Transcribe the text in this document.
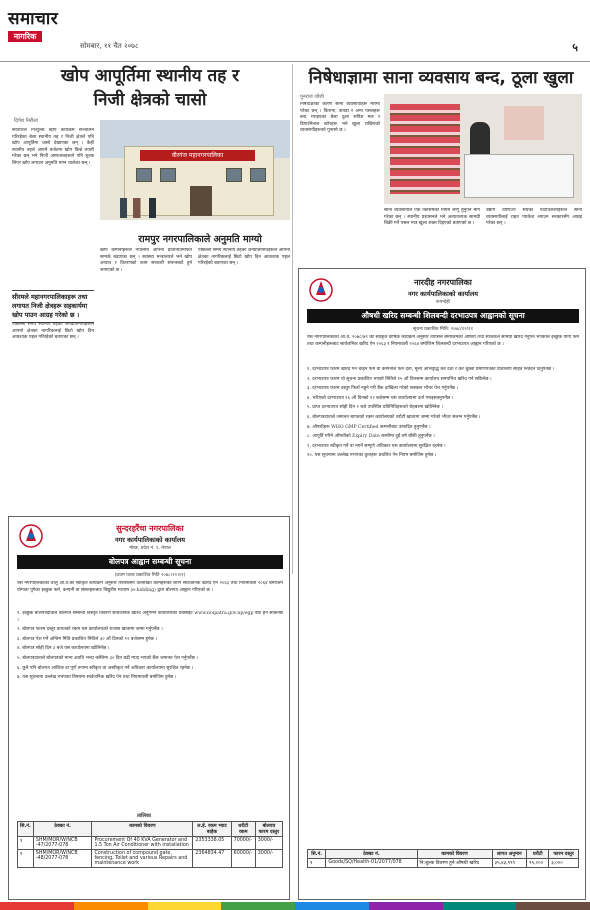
समाचार
नागरिक
सोमबार, ११ चैत २०७८	५
खोप आपूर्तिमा स्थानीय तह र
निजी क्षेत्रको चासो
दिपेश निरौला
वीरगंज महानगरपालिका
सरकारले निःशुल्क खोप कार्यक्रम सञ्चालन गरिरहेका बेला स्थानीय तह र निजी क्षेत्रले पनि खोप आपूर्तिमा चासो देखाएका छन् । केही स्थानीय तहले आफ्नै बजेटमा खोप किन्ने तयारी गरेका छन् भने निजी अस्पतालहरूले पनि शुल्क लिएर खोप लगाउन अनुमति माग्न थालेका छन् ।
सीरमले महानगरपालिकाहरू तथा लगायत निजी क्षेत्रहरू सहकार्यमा खोप पाउन आग्रह गरेको छ ।
पछिल्लो समय स्थानीय तहका जनप्रतिनिधिहरूले आफ्नो क्षेत्रका नागरिकलाई छिटो खोप दिन आवश्यक पहल गरिरहेको बताएका छन् ।
रामपुर नगरपालिकाले अनुमति माग्यो
खोप कम्पनीहरूले नेपालमा आफ्ना प्रतिनिधिमार्फत सम्पर्क बढाएका छन् । स्वास्थ्य मन्त्रालयले भने खोप आयात र वितरणको काम सरकारी संयन्त्रबाटै हुने जनाएको छ ।
पछिल्लो समय स्थानीय तहका जनप्रतिनिधिहरूले आफ्नो क्षेत्रका नागरिकलाई छिटो खोप दिन आवश्यक पहल गरिरहेको बताएका छन् ।
निषेधाज्ञामा साना व्यवसाय बन्द, ठूला खुला
पुनराज जोशी
निषेधाज्ञाका कारण साना व्यवसायीहरू मारमा परेका छन् । किराना, कपडा र अन्य पसलहरू बन्द गराइएका बेला ठूला सपिङ मल र डिपार्टमेन्टल स्टोरहरू भने खुला राखिएको व्यवसायीहरूको गुनासो छ ।
साना व्यवसायीले एकै किसिमको नियम लागू हुनुपर्ने माग गरेका छन् । स्थानीय प्रशासनले भने अत्यावश्यक सामग्री बिक्री गर्ने पसल मात्र खुला राख्न दिइएको बताएको छ ।
उद्योग वाणिज्य संघका पदाधिकारीहरूले साना व्यवसायीलाई राहत प्याकेज ल्याउन सरकारसँग आग्रह गरेका छन् ।
नारदीह नगरपालिका
नगर कार्यपालिकाको कार्यालय
रूपन्देही
औषधी खरिद सम्बन्धी शिलबन्दी दरभाउपत्र आह्वानको सूचना
सूचना प्रकाशित मिति: २०७८/१२/११
यस नगरपालिकाको आ.व. २०७८/७९ को स्वीकृत वार्षिक कार्यक्रम अनुसार तपसिल बमोजिमका औषधी तथा सर्जिकल सामग्री खरिद गर्नुपर्ने भएकोले इच्छुक योग्य फर्म तथा कम्पनीहरूबाट सार्वजनिक खरिद ऐन २०६३ र नियमावली २०६४ बमोजिम शिलबन्दी दरभाउपत्र आह्वान गरिएको छ ।

१. दरभाउपत्र फारम खरिद गर्न चाहने फर्म वा कम्पनीले फर्म दर्ता, मूल्य अभिवृद्धि कर दर्ता र कर चुक्ता प्रमाणपत्रको प्रतिलिपि सहित निवेदन दिनुपर्नेछ ।

२. दरभाउपत्र फारम यो सूचना प्रकाशित भएको मितिले १५ औं दिनसम्म कार्यालय समयभित्र खरिद गर्न सकिनेछ ।

३. दरभाउपत्र फारम दस्तुर फिर्ता नहुने गरी बैंक दाखिला गरेको सक्कल भौचर पेश गर्नुपर्नेछ ।

४. भरिएको दरभाउपत्र १६ औं दिनको १२ बजेसम्म यस कार्यालयमा दर्ता गराइसक्नुपर्नेछ ।

५. प्राप्त दरभाउपत्र सोही दिन २ बजे उपस्थित प्रतिनिधिहरूको रोहबरमा खोलिनेछ ।

६. बोलपत्रदाताले जमानत बापतको रकम कार्यालयको धरौटी खातामा जम्मा गरेको भौचर संलग्न गर्नुपर्नेछ ।

७. औषधीहरू WHO GMP Certified कम्पनीबाट उत्पादित हुनुपर्नेछ ।

८. आपूर्ति गरिने औषधीको Expiry Date कम्तीमा दुई वर्ष बाँकी हुनुपर्नेछ ।

९. दरभाउपत्र स्वीकृत गर्ने वा नगर्ने सम्पूर्ण अधिकार यस कार्यालयमा सुरक्षित रहनेछ ।

१०. यस सूचनामा उल्लेख नभएका कुराहरू प्रचलित ऐन नियम बमोजिम हुनेछ ।

सि.नं.	ठेक्का नं.	कामको विवरण	लागत अनुमान	धरौटी	फारम दस्तुर
१	Goods/SQ/Health-01/2077/078	नि:शुल्क वितरण हुने औषधी खरिद	३५,४३,९९९	९५,०००	३,०००
सुन्दरहरैंचा नगरपालिका
नगर कार्यपालिकाको कार्यालय
मोरङ, प्रदेश नं. १, नेपाल
बोलपत्र आह्वान सम्बन्धी सूचना
(प्रथम पटक प्रकाशित मिति २०७८।१२।११)
यस नगरपालिकाको चालु आ.व.को स्वीकृत कार्यक्रम अनुसार तपसिलमा उल्लेखित कामहरूको लागि सार्वजनिक खरिद ऐन २०६३ तथा नियमावली २०६४ बमोजिम योग्यता पुगेका इच्छुक फर्म, कम्पनी वा संस्थाहरूबाट विद्युतीय माध्यम (e-bidding) द्वारा बोलपत्र आह्वान गरिएको छ ।

१. इच्छुक बोलपत्रदाताले बोलपत्र सम्बन्धी विस्तृत विवरण सार्वजनिक खरिद अनुगमन कार्यालयको वेबसाइट www.bolpatra.gov.np/egp बाट हेर्न सकिनेछ ।

२. बोलपत्र फारम दस्तुर वापतको रकम यस कार्यालयको राजस्व खातामा जम्मा गर्नुपर्नेछ ।

३. बोलपत्र पेश गर्ने अन्तिम मिति प्रकाशित मितिले ३० औं दिनको १२ बजेसम्म हुनेछ ।

४. बोलपत्र सोही दिन ३ बजे यस कार्यालयमा खोलिनेछ ।

५. बोलपत्रदाताले बोलपत्रको मान्य अवधि भन्दा कम्तिमा ३० दिन बढी म्याद भएको बैंक जमानत पेश गर्नुपर्नेछ ।

६. कुनै पनि बोलपत्र आंशिक वा पूर्ण रूपमा स्वीकृत वा अस्वीकृत गर्ने अधिकार कार्यालयमा सुरक्षित रहनेछ ।

७. यस सूचनामा उल्लेख नभएका विषयमा सार्वजनिक खरिद ऐन तथा नियमावली बमोजिम हुनेछ ।

तालिका
सि.नं.	ठेक्का नं.	कामको विवरण	ल.ई. रकम भ्याट बाहेक	धरौटी रकम	बोलपत्र फारम दस्तुर
१	SHM/MOR/W/NCB -47/2077-078	Procurement Of 40 KVA Generator and 1.5 Ton Air Conditioner with installation	2353338.05	70000/-	3000/-
२	SHM/MOR/W/NCB -48/2077-078	Construction of compound gate, fencing, Toilet and various Repairs and maintenance work	2364834.47	60000/-	3000/-
